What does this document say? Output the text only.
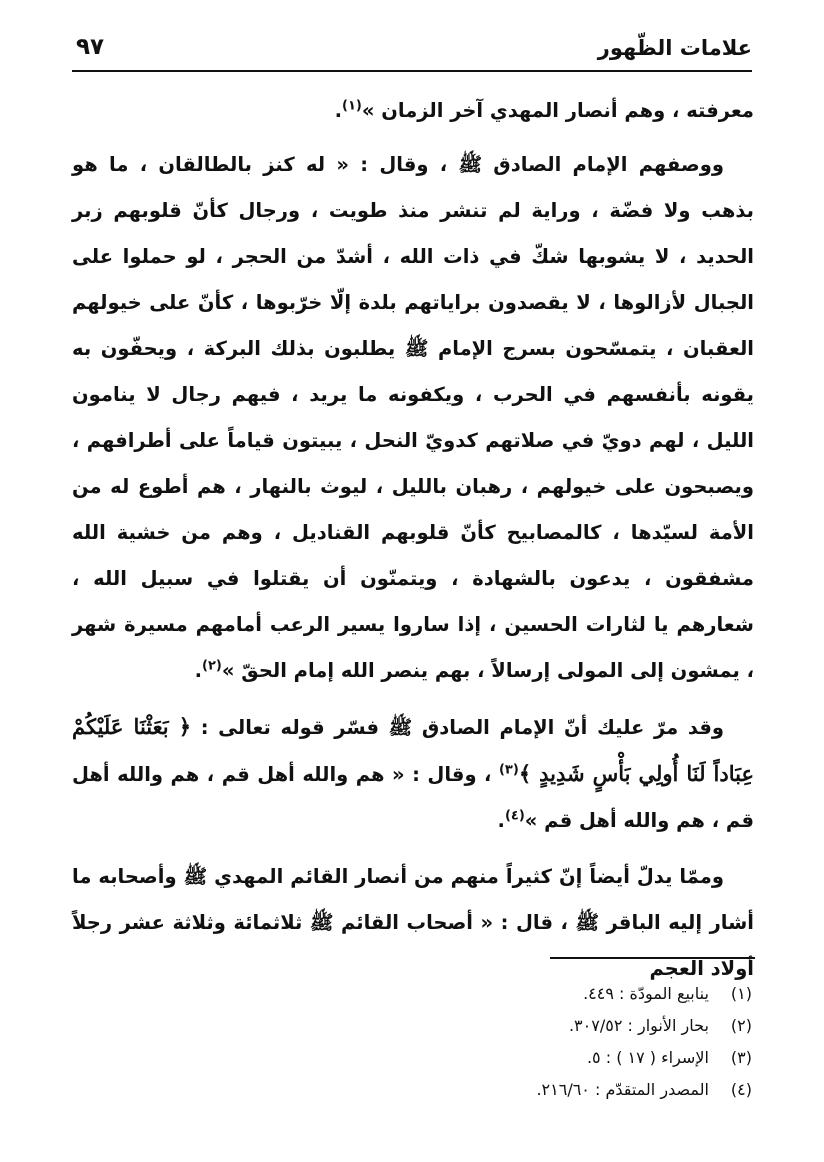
علامات الظّهور
٩٧

معرفته ، وهم أنصار المهدي آخر الزمان »$^{(١)}$.

ووصفهم الإمام الصادق ﷺ ، وقال : « له كنز بالطالقان ، ما هو بذهب ولا فضّة ، وراية لم تنشر منذ طويت ، ورجال كأنّ قلوبهم زبر الحديد ، لا يشوبها شكّ في ذات الله ، أشدّ من الحجر ، لو حملوا على الجبال لأزالوها ، لا يقصدون براياتهم بلدة إلّا خرّبوها ، كأنّ على خيولهم العقبان ، يتمسّحون بسرج الإمام ﷺ يطلبون بذلك البركة ، ويحفّون به يقونه بأنفسهم في الحرب ، ويكفونه ما يريد ، فيهم رجال لا ينامون الليل ، لهم دويّ في صلاتهم كدويّ النحل ، يبيتون قياماً على أطرافهم ، ويصبحون على خيولهم ، رهبان بالليل ، ليوث بالنهار ، هم أطوع له من الأمة لسيّدها ، كالمصابيح كأنّ قلوبهم القناديل ، وهم من خشية الله مشفقون ، يدعون بالشهادة ، ويتمنّون أن يقتلوا في سبيل الله ، شعارهم يا لثارات الحسين ، إذا ساروا يسير الرعب أمامهم مسيرة شهر ، يمشون إلى المولى إرسالاً ، بهم ينصر الله إمام الحقّ »$^{(٢)}$.

وقد مرّ عليك أنّ الإمام الصادق ﷺ فسّر قوله تعالى : ﴿ بَعَثْنَا عَلَيْكُمْ عِبَاداً لَنَا أُولِي بَأْسٍ شَدِيدٍ ﴾$^{(٣)}$ ، وقال : « هم والله أهل قم ، هم والله أهل قم ، هم والله أهل قم »$^{(٤)}$.

وممّا يدلّ أيضاً إنّ كثيراً منهم من أنصار القائم المهدي ﷺ وأصحابه ما أشار إليه الباقر ﷺ ، قال : « أصحاب القائم ﷺ ثلاثمائة وثلاثة عشر رجلاً أولاد العجم

(١) ينابيع المودّة : ٤٤٩.
(٢) بحار الأنوار : ٣٠٧/٥٢.
(٣) الإسراء ( ١٧ ) : ٥.
(٤) المصدر المتقدّم : ٢١٦/٦٠.
